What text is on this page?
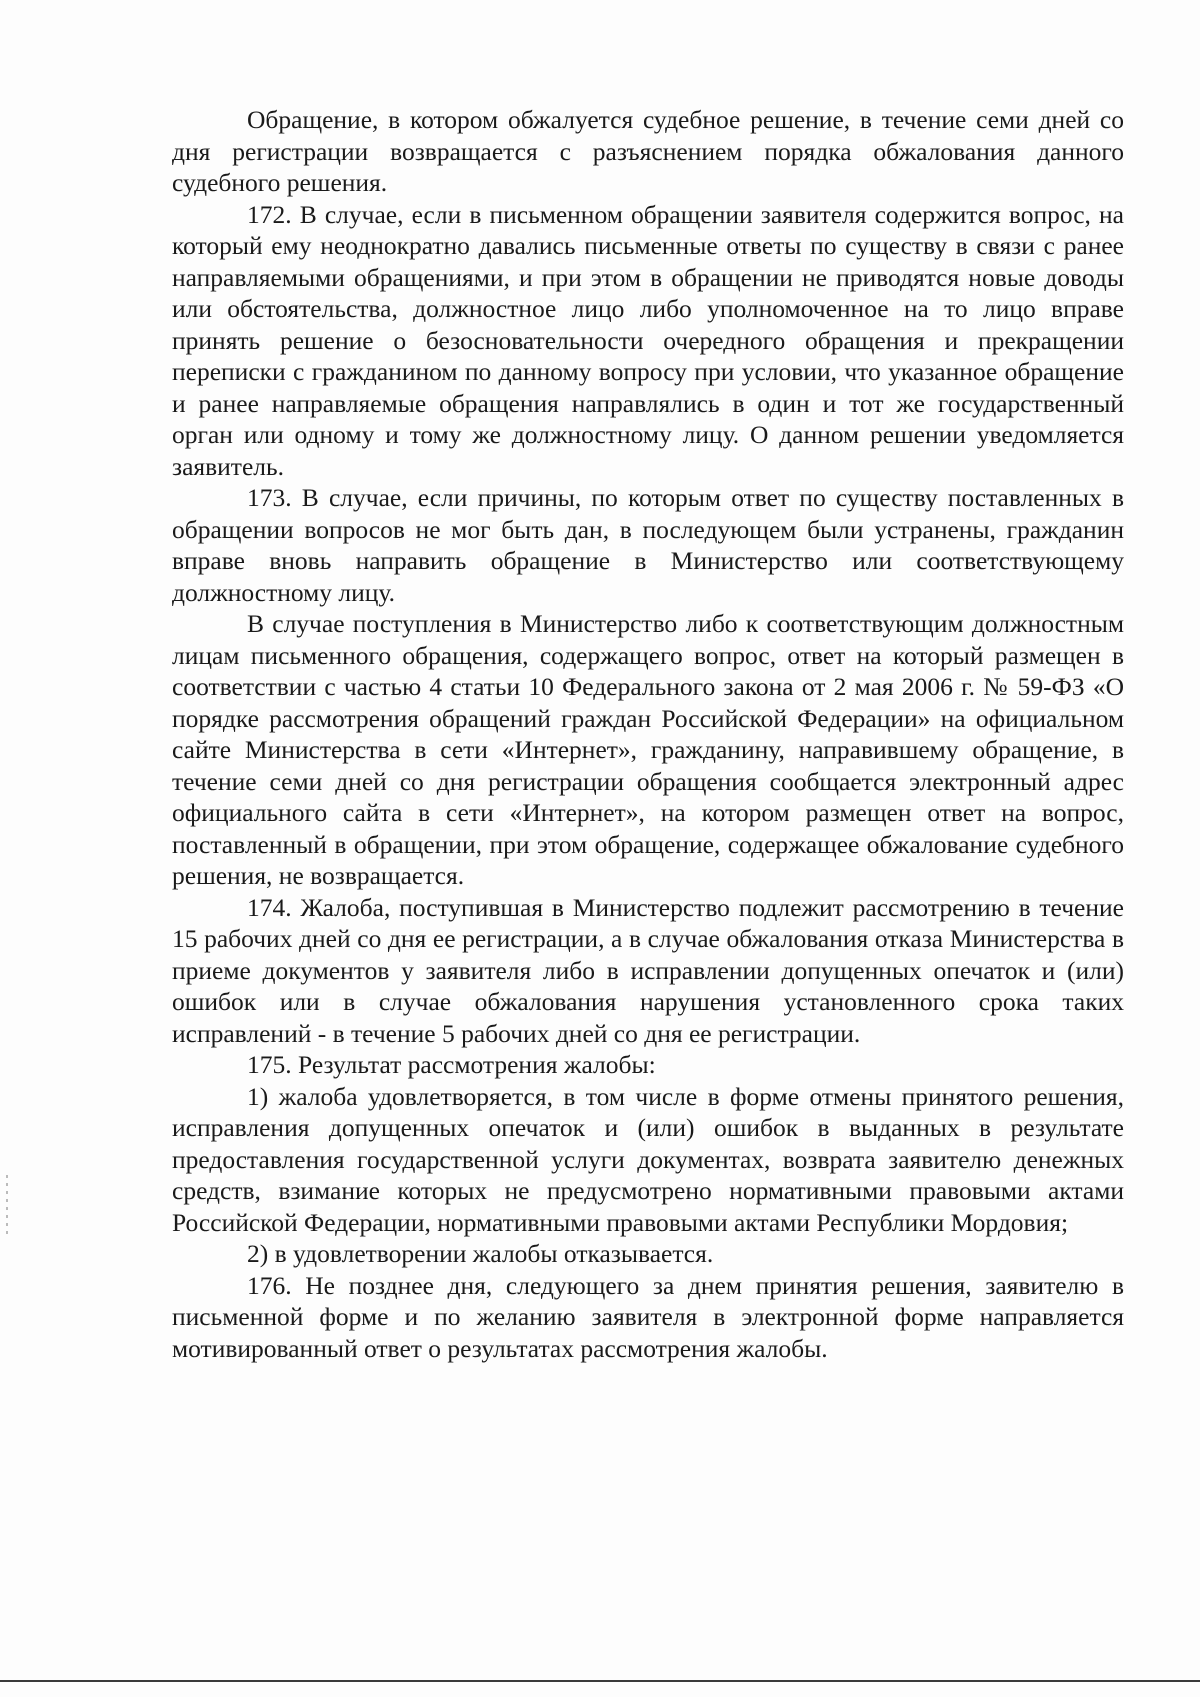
Обращение, в котором обжалуется судебное решение, в течение семи дней со дня регистрации возвращается с разъяснением порядка обжалования данного судебного решения.

172. В случае, если в письменном обращении заявителя содержится вопрос, на который ему неоднократно давались письменные ответы по существу в связи с ранее направляемыми обращениями, и при этом в обращении не приводятся новые доводы или обстоятельства, должностное лицо либо уполномоченное на то лицо вправе принять решение о безосновательности очередного обращения и прекращении переписки с гражданином по данному вопросу при условии, что указанное обращение и ранее направляемые обращения направлялись в один и тот же государственный орган или одному и тому же должностному лицу. О данном решении уведомляется заявитель.

173. В случае, если причины, по которым ответ по существу поставленных в обращении вопросов не мог быть дан, в последующем были устранены, гражданин вправе вновь направить обращение в Министерство или соответствующему должностному лицу.

В случае поступления в Министерство либо к соответствующим должностным лицам письменного обращения, содержащего вопрос, ответ на который размещен в соответствии с частью 4 статьи 10 Федерального закона от 2 мая 2006 г. № 59-ФЗ «О порядке рассмотрения обращений граждан Российской Федерации» на официальном сайте Министерства в сети «Интернет», гражданину, направившему обращение, в течение семи дней со дня регистрации обращения сообщается электронный адрес официального сайта в сети «Интернет», на котором размещен ответ на вопрос, поставленный в обращении, при этом обращение, содержащее обжалование судебного решения, не возвращается.

174. Жалоба, поступившая в Министерство подлежит рассмотрению в течение 15 рабочих дней со дня ее регистрации, а в случае обжалования отказа Министерства в приеме документов у заявителя либо в исправлении допущенных опечаток и (или) ошибок или в случае обжалования нарушения установленного срока таких исправлений - в течение 5 рабочих дней со дня ее регистрации.

175. Результат рассмотрения жалобы:

1) жалоба удовлетворяется, в том числе в форме отмены принятого решения, исправления допущенных опечаток и (или) ошибок в выданных в результате предоставления государственной услуги документах, возврата заявителю денежных средств, взимание которых не предусмотрено нормативными правовыми актами Российской Федерации, нормативными правовыми актами Республики Мордовия;

2) в удовлетворении жалобы отказывается.

176. Не позднее дня, следующего за днем принятия решения, заявителю в письменной форме и по желанию заявителя в электронной форме направляется мотивированный ответ о результатах рассмотрения жалобы.
